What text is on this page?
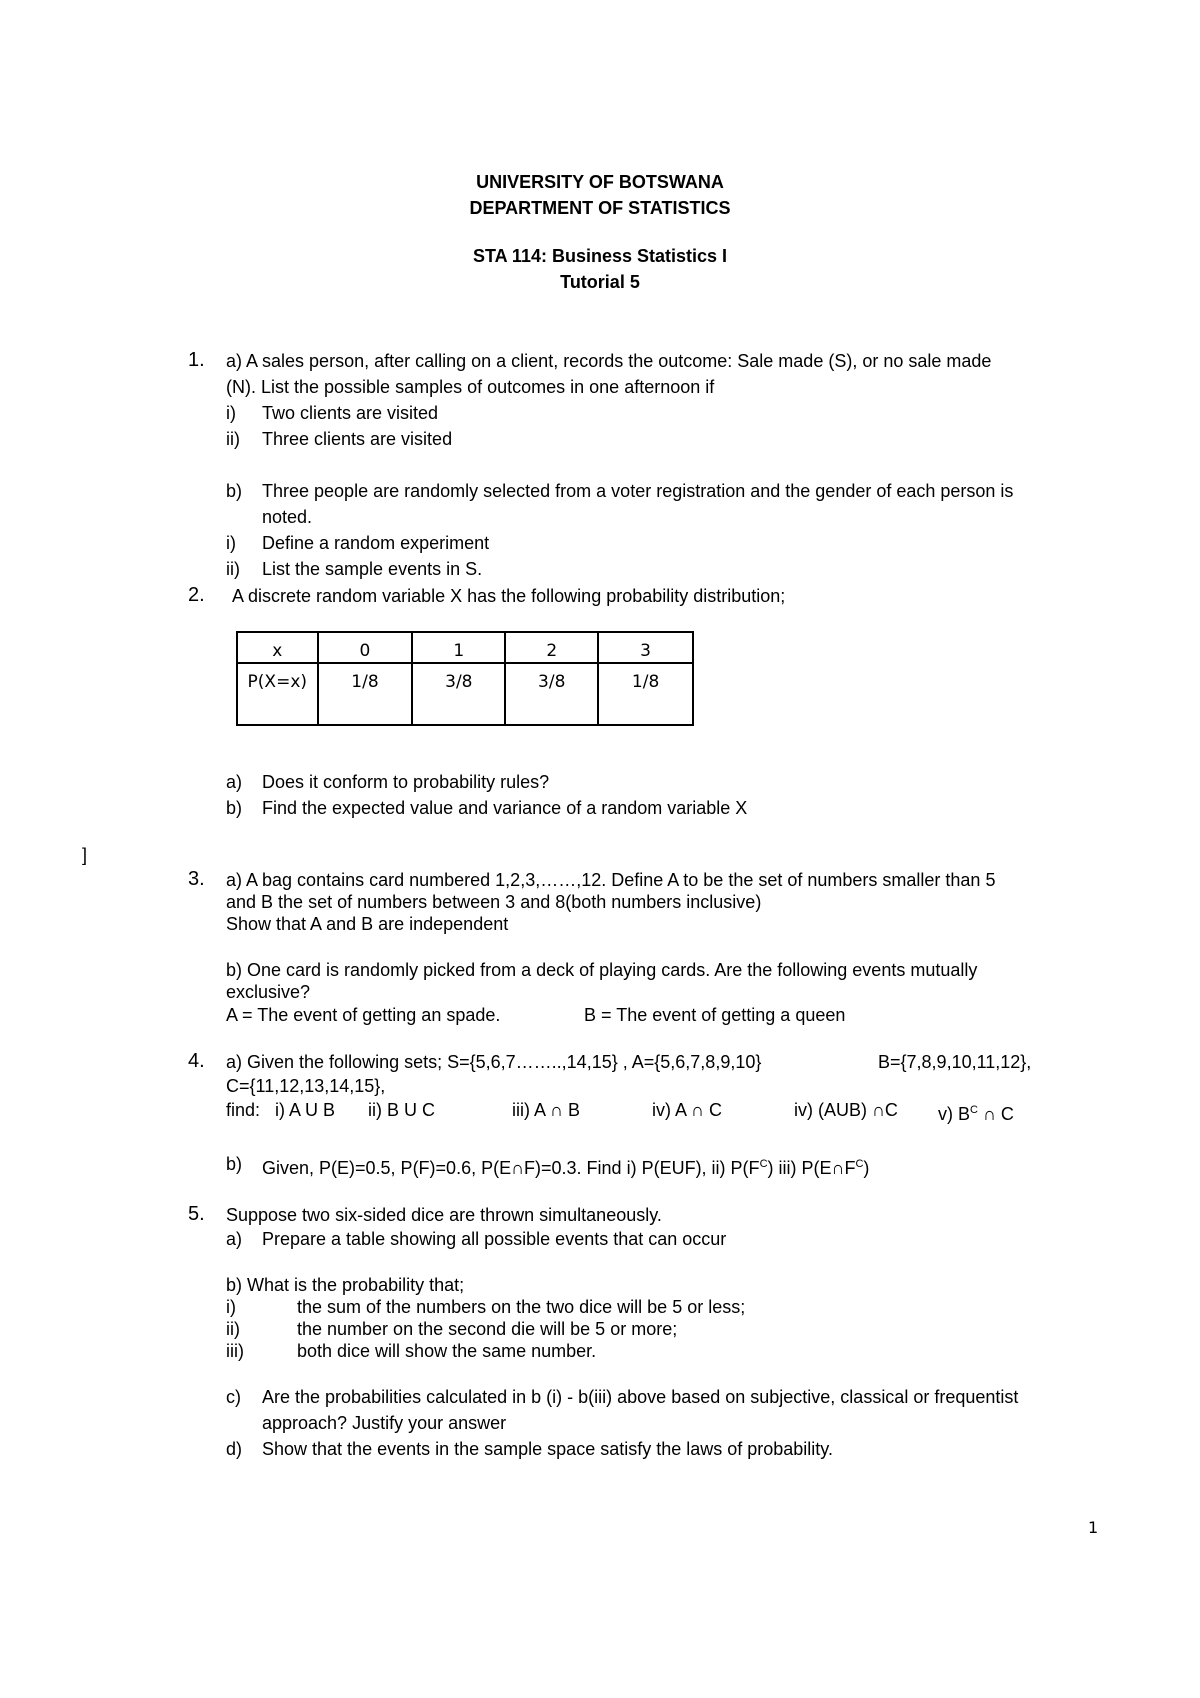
UNIVERSITY OF BOTSWANA
DEPARTMENT OF STATISTICS
STA 114: Business Statistics I
Tutorial 5
1. a) A sales person, after calling on a client, records the outcome: Sale made (S), or no sale made
(N). List the possible samples of outcomes in one afternoon if
i) Two clients are visited
ii) Three clients are visited
b) Three people are randomly selected from a voter registration and the gender of each person is
noted.
i) Define a random experiment
ii) List the sample events in S.
2. A discrete random variable X has the following probability distribution;
x	0	1	2	3
P(X=x)	1/8	3/8	3/8	1/8
a) Does it conform to probability rules?
b) Find the expected value and variance of a random variable X
]
3. a) A bag contains card numbered 1,2,3,……,12. Define A to be the set of numbers smaller than 5
and B the set of numbers between 3 and 8(both numbers inclusive)
Show that A and B are independent
b) One card is randomly picked from a deck of playing cards. Are the following events mutually
exclusive?
A = The event of getting an spade.	B = The event of getting a queen
4. a) Given the following sets; S={5,6,7……..,14,15} , A={5,6,7,8,9,10}	B={7,8,9,10,11,12},
C={11,12,13,14,15},
find: i) A U B ii) B U C	iii) A ∩ B	iv) A ∩ C	iv) (AUB) ∩C v) $B^C$ ∩ C
b) Given, P(E)=0.5, P(F)=0.6, P(E∩F)=0.3. Find i) P(EUF), ii) $P(F^C)$ iii) $P(E\cap F^C)$
5. Suppose two six-sided dice are thrown simultaneously.
a) Prepare a table showing all possible events that can occur
b) What is the probability that;
i)	the sum of the numbers on the two dice will be 5 or less;
ii)	the number on the second die will be 5 or more;
iii)	both dice will show the same number.
c) Are the probabilities calculated in b (i) - b(iii) above based on subjective, classical or frequentist
approach? Justify your answer
d) Show that the events in the sample space satisfy the laws of probability.
1
